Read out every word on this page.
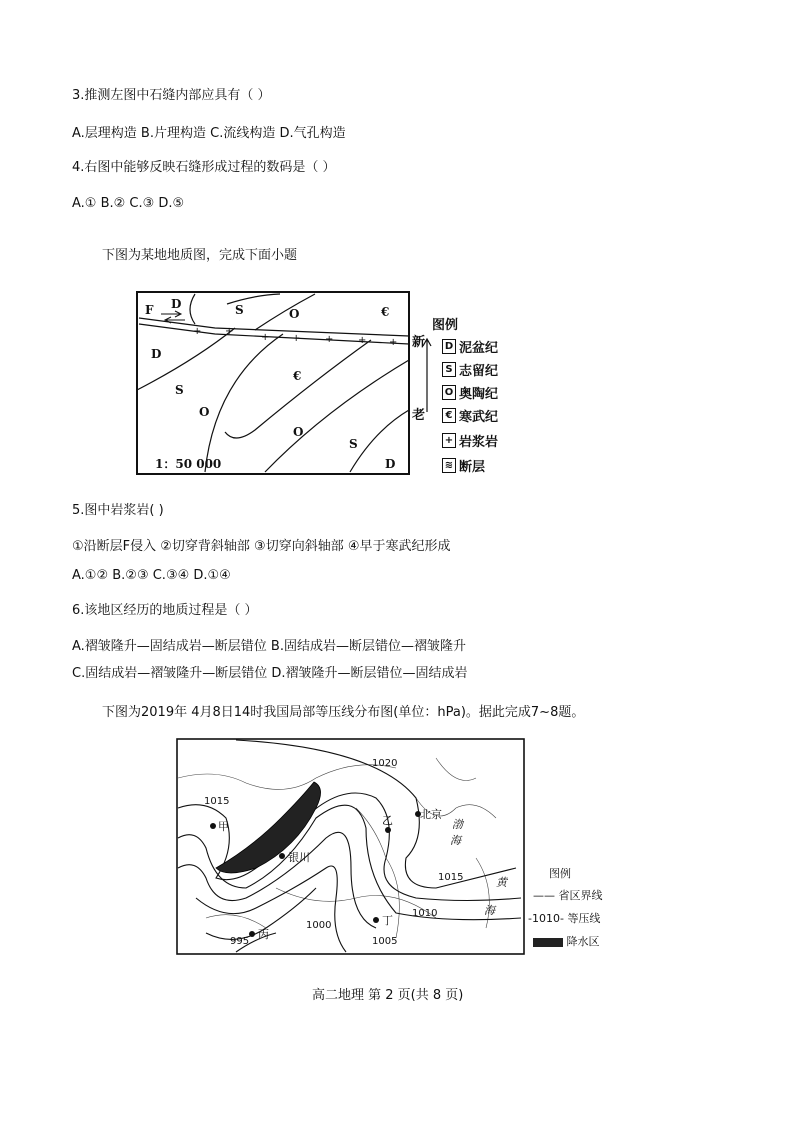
3.推测左图中石缝内部应具有（ ）
A.层理构造 B.片理构造 C.流线构造 D.气孔构造
4.右图中能够反映石缝形成过程的数码是（ ）
A.① B.② C.③ D.⑤
下图为某地地质图，完成下面小题
+ +
+ + + + +
F D	S	O	€
D
S
O
€
O
S
D
1：50 000
新
老
图例
D 泥盆纪
S 志留纪
O 奥陶纪
€ 寒武纪
+ 岩浆岩
≋ 断层
5.图中岩浆岩( )
①沿断层F侵入 ②切穿背斜轴部 ③切穿向斜轴部 ④早于寒武纪形成
A.①② B.②③ C.③④ D.①④
6.该地区经历的地质过程是（ ）
A.褶皱隆升—固结成岩—断层错位 B.固结成岩—断层错位—褶皱隆升
C.固结成岩—褶皱隆升—断层错位 D.褶皱隆升—断层错位—固结成岩
下图为2019年 4月8日14时我国局部等压线分布图(单位：hPa)。据此完成7~8题。
1020
1015
1015
1010
1005
1000
995
甲
银川
北京
乙
丁
丙
渤
海
黄
海
图例
—— 省区界线
-1010- 等压线
降水区
高二地理 第 2 页(共 8 页)
